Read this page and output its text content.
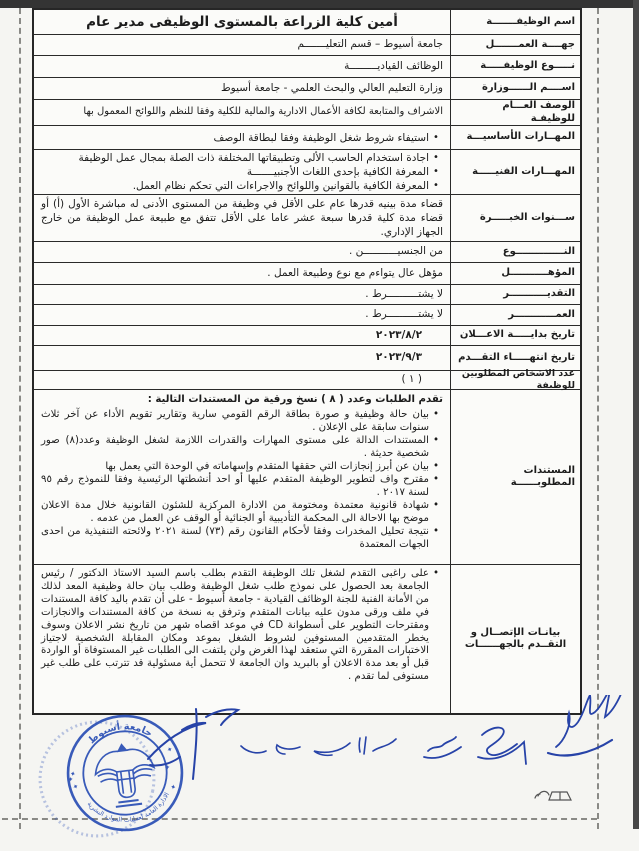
اسم الوظيفـــــــة
أمين كلية الزراعة بالمستوى الوظيفى مدير عام
جهــــة العمـــــــل
جامعة أسيوط – قسم التعليـــــــم
نـــــوع الوظيفـــــة
الوظائف القياديـــــــــة
اســــم الــــــوزارة
وزارة التعليم العالي والبحث العلمي - جامعة أسيوط
الوصف العـــام للوظيفـة
الاشراف والمتابعة لكافة الأعمال الادارية والمالية للكلية وفقا للنظم واللوائح المعمول بها
المهــارات الأساسيـــة
•
استيفاء شروط شغل الوظيفة وفقا لبطاقة الوصف
المهـــارات الفنيـــــة
•
اجادة استخدام الحاسب الألى وتطبيقاتها المختلفة ذات الصلة بمجال عمل الوظيفة
•
المعرفة الكافية بإحدى اللغات الأجنبيـــــــة
•
المعرفة الكافية بالقوانين واللوائح والاجراءات التي تحكم نظام العمل.
ســـنوات الخبـــــرة
قضاء مدة بينيه قدرها عام على الأقل في وظيفة من المستوى الأدنى له مباشرة الأول (أ) أو قضاء مدة كلية قدرها سبعة عشر عاما على الأقل تتفق مع طبيعة عمل الوظيفة من خارج الجهاز الإداري.
النــــــــــــــوع
من الجنسيـــــــــــن .
المؤهـــــــــــل
مؤهل عال يتواءم مع نوع وطبيعة العمل .
التقديـــــــــــر
لا يشتــــــــــرط .
العمــــــــــــر
لا يشتــــــــــرط .
تاريخ بدايـــــة الاعـــلان
٢٠٢٣/٨/٢
تاريخ انتهـــــاء التقـــدم
٢٠٢٣/٩/٣
عدد الاشخاص المطلوبين للوظيفة
( ١ )
المستندات المطلوبــــــة
تقدم الطلبات وعدد ( ٨ ) نسخ ورقية من المستندات التالية :
•
بيان حالة وظيفية و صورة بطاقة الرقم القومي سارية وتقارير تقويم الأداء عن آخر ثلاث سنوات سابقة على الإعلان .
•
المستندات الدالة على مستوى المهارات والقدرات اللازمة لشغل الوظيفة وعدد(٨) صور شخصية حديثة .
•
بيان عن أبرز إنجازات التي حققها المتقدم وإسهاماته في الوحدة التي يعمل بها
•
مقترح واف لتطوير الوظيفة المتقدم عليها أو احد أنشطتها الرئيسية وفقا للنموذج رقم ٩٥ لسنة ٢٠١٧ .
•
شهادة قانونية معتمدة ومختومة من الادارة المركزية للشئون القانونية خلال مدة الاعلان موضح بها الاحالة الى المحكمة التأديبية أو الجنائية أو الوقف عن العمل من عدمه .
•
نتيجة تحليل المخدرات وفقا لأحكام القانون رقم (٧٣) لسنة ٢٠٢١ ولائحته التنفيذية من احدى الجهات المعتمدة
بيانـات الإتصــال و التقــدم بالجهــــــات
•
على راغبى التقدم لشغل تلك الوظيفة التقدم بطلب باسم السيد الاستاذ الدكتور / رئيس الجامعة بعد الحصول على نموذج طلب شغل الوظيفة وطلب بيان حالة وظيفية المعد لذلك من الأمانة الفنية للجنة الوظائف القيادية - جامعة أسيوط - على أن تقدم باليد كافة المستندات في ملف ورقى مدون عليه بيانات المتقدم وترفق به نسخة من كافة المستندات والانجازات ومقترحات التطوير على أسطوانة CD في موعد اقصاه شهر من تاريخ نشر الاعلان وسوف يخطر المتقدمين المستوفين لشروط الشغل بموعد ومكان المقابلة الشخصية لاجتياز الاختبارات المقررة التي ستعقد لهذا الغرض ولن يلتفت الى الطلبات غير المستوفاة أو الواردة قبل أو بعد مدة الاعلان أو بالبريد وان الجامعة لا تتحمل أية مسئولية قد تترتب على طلب غير مستوفى لما تقدم .
جامعة أسيوط
الادارة العامة لعمليات الموارد البشرية
✦
✦
✦
✦
✦
✦
